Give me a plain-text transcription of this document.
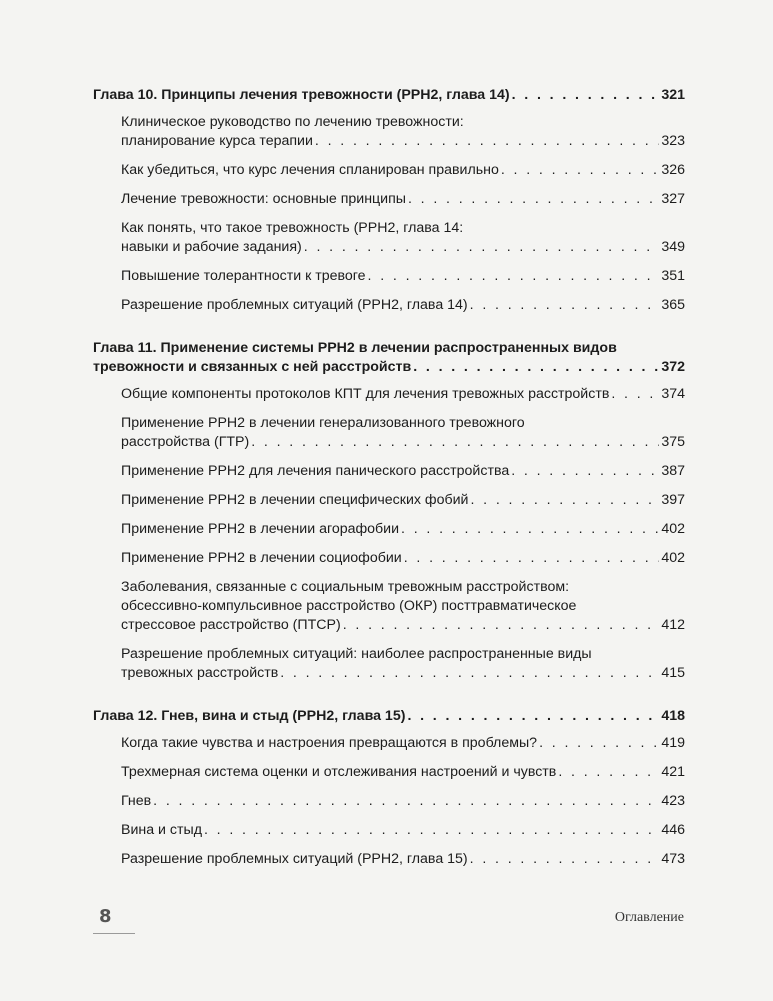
Глава 10. Принципы лечения тревожности (РРН2, глава 14) . . .	321
Клиническое руководство по лечению тревожности:
планирование курса терапии . . .	323
Как убедиться, что курс лечения спланирован правильно . . .	326
Лечение тревожности: основные принципы . . .	327
Как понять, что такое тревожность (РРН2, глава 14:
навыки и рабочие задания) . . .	349
Повышение толерантности к тревоге . . .	351
Разрешение проблемных ситуаций (РРН2, глава 14) . . .	365
Глава 11. Применение системы РРН2 в лечении распространенных видов
тревожности и связанных с ней расстройств . . .	372
Общие компоненты протоколов КПТ для лечения тревожных расстройств . . .	374
Применение РРН2 в лечении генерализованного тревожного
расстройства (ГТР) . . .	375
Применение РРН2 для лечения панического расстройства . . .	387
Применение РРН2 в лечении специфических фобий . . .	397
Применение РРН2 в лечении агорафобии . . .	402
Применение РРН2 в лечении социофобии . . .	402
Заболевания, связанные с социальным тревожным расстройством:
обсессивно-компульсивное расстройство (ОКР) посттравматическое
стрессовое расстройство (ПТСР) . . .	412
Разрешение проблемных ситуаций: наиболее распространенные виды
тревожных расстройств . . .	415
Глава 12. Гнев, вина и стыд (РРН2, глава 15) . . .	418
Когда такие чувства и настроения превращаются в проблемы? . . .	419
Трехмерная система оценки и отслеживания настроений и чувств . . .	421
Гнев . . .	423
Вина и стыд . . .	446
Разрешение проблемных ситуаций (РРН2, глава 15) . . .	473
8	Оглавление
